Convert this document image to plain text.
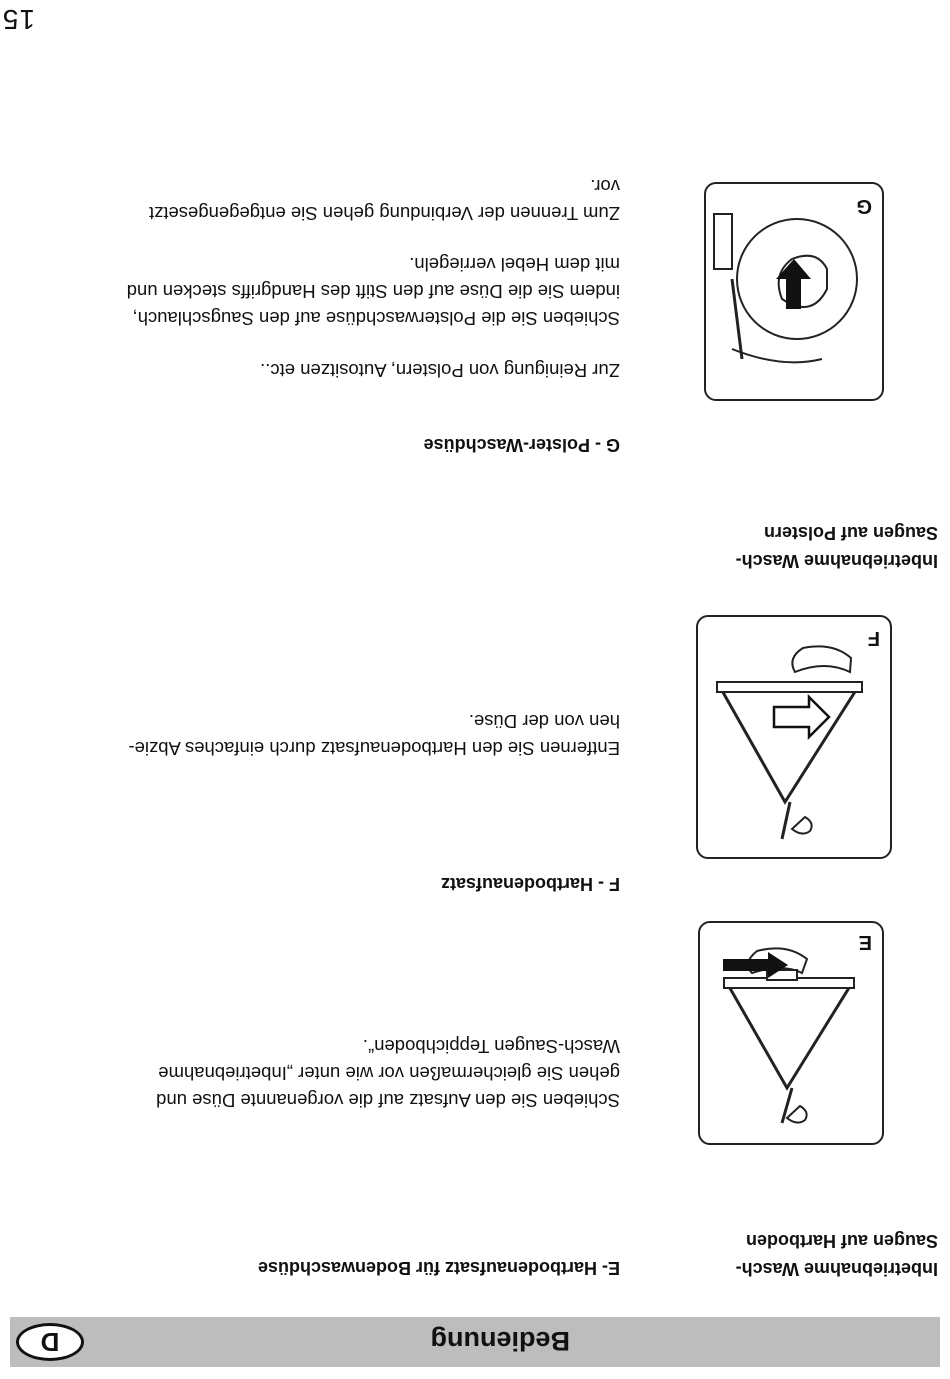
15
Bedienung
D
Inbetriebnahme Wasch-
Saugen auf Hartboden
E- Hartbodenaufsatz für Bodenwaschdüse
Schieben Sie den Aufsatz auf die vorgenannte Düse und
gehen Sie gleichermaßen vor wie unter „Inbetriebnahme
Wasch-Saugen Teppichboden“.
E
F - Hartbodenaufsatz
Entfernen Sie den Hartbodenaufsatz durch einfaches Abzie-
hen von der Düse.
F
Inbetriebnahme Wasch-
Saugen auf Polstern
G - Polster-Waschdüse
Zur Reinigung von Polstern, Autositzen etc..
Schieben Sie die Polsterwaschdüse auf den Saugschlauch,
indem Sie die Düse auf den Stift des Handgriffs stecken und
mit dem Hebel verriegeln.
Zum Trennen der Verbindung gehen Sie entgegengesetzt
vor.
G
